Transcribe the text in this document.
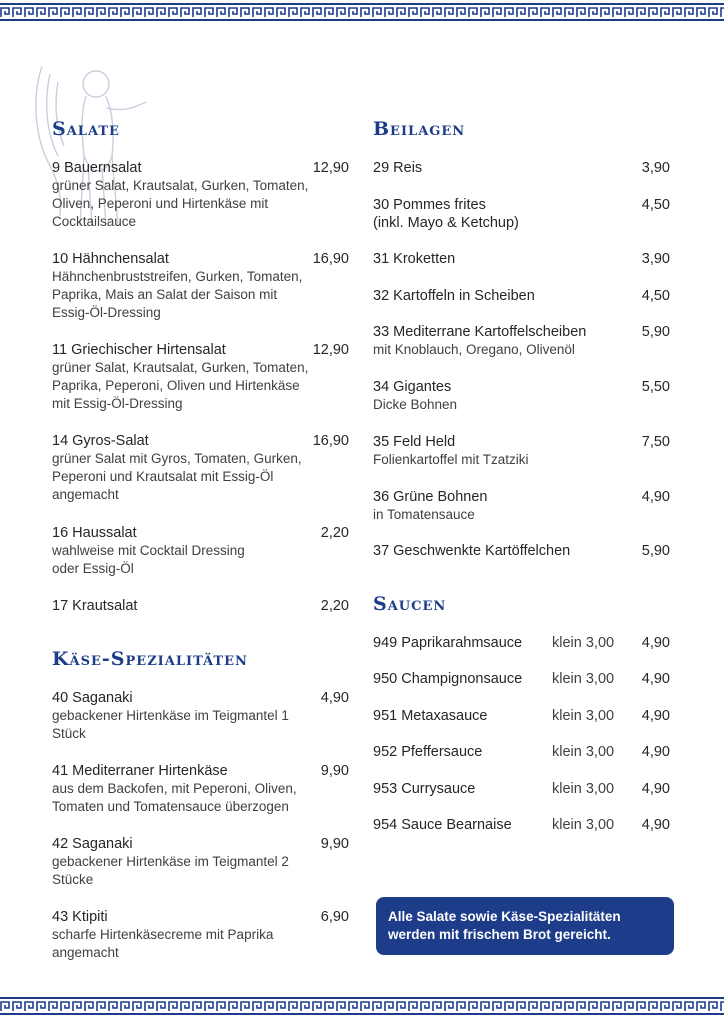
Salate
9 Bauernsalat	12,90
grüner Salat, Krautsalat, Gurken, Tomaten, Oliven, Peperoni und Hirtenkäse mit Cocktailsauce
10 Hähnchensalat	16,90
Hähnchenbruststreifen, Gurken, Tomaten, Paprika, Mais an Salat der Saison mit Essig-Öl-Dressing
11 Griechischer Hirtensalat	12,90
grüner Salat, Krautsalat, Gurken, Tomaten, Paprika, Peperoni, Oliven und Hirtenkäse mit Essig-Öl-Dressing
14 Gyros-Salat	16,90
grüner Salat mit Gyros, Tomaten, Gurken, Peperoni und Krautsalat mit Essig-Öl angemacht
16 Haussalat	2,20
wahlweise mit Cocktail Dressing oder Essig-Öl
17 Krautsalat	2,20
Käse-Spezialitäten
40 Saganaki	4,90
gebackener Hirtenkäse im Teigmantel 1 Stück
41 Mediterraner Hirtenkäse	9,90
aus dem Backofen, mit Peperoni, Oliven, Tomaten und Tomatensauce überzogen
42 Saganaki	9,90
gebackener Hirtenkäse im Teigmantel 2 Stücke
43 Ktipiti	6,90
scharfe Hirtenkäsecreme mit Paprika angemacht
Beilagen
29 Reis	3,90
30 Pommes frites	4,50
(inkl. Mayo & Ketchup)
31 Kroketten	3,90
32 Kartoffeln in Scheiben	4,50
33 Mediterrane Kartoffelscheiben	5,90
mit Knoblauch, Oregano, Olivenöl
34 Gigantes	5,50
Dicke Bohnen
35 Feld Held	7,50
Folienkartoffel mit Tzatziki
36 Grüne Bohnen	4,90
in Tomatensauce
37 Geschwenkte Kartöffelchen	5,90
Saucen
949 Paprikarahmsauce klein 3,00 4,90
950 Champignonsauce klein 3,00 4,90
951 Metaxasauce	klein 3,00 4,90
952 Pfeffersauce	klein 3,00 4,90
953 Currysauce	klein 3,00 4,90
954 Sauce Bearnaise	klein 3,00 4,90
Alle Salate sowie Käse-Spezialitäten
werden mit frischem Brot gereicht.
